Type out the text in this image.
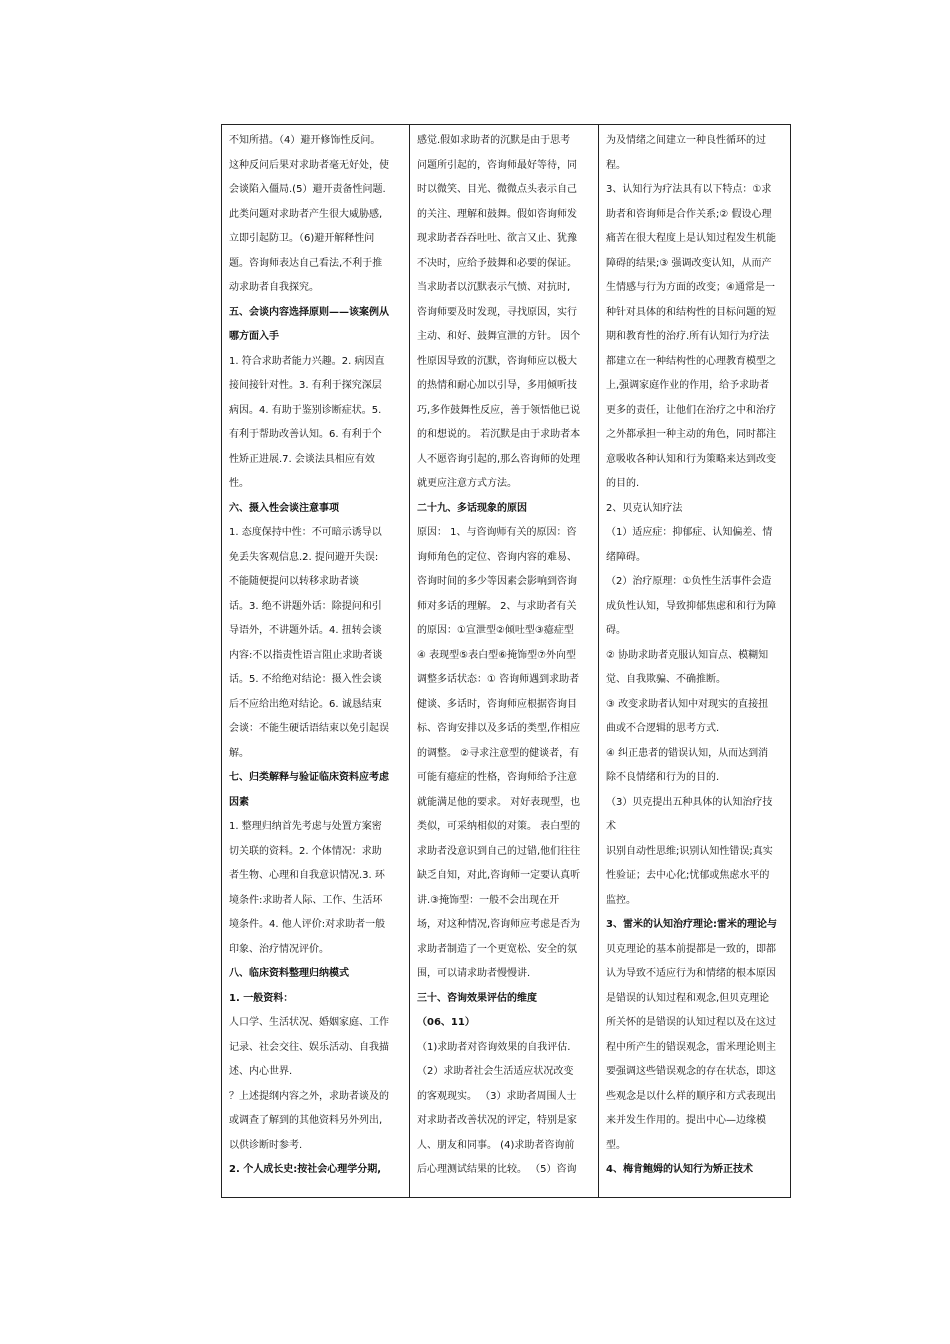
不知所措。（4）避开修饰性反问。
这种反问后果对求助者毫无好处，使
会谈陷入僵局.(5）避开责备性问题.
此类问题对求助者产生很大威胁感,
立即引起防卫。（6)避开解释性问
题。咨询师表达自己看法,不利于推
动求助者自我探究。
五、会谈内容选择原则——该案例从
哪方面入手
1. 符合求助者能力兴趣。2. 病因直
接间接针对性。3. 有利于探究深层
病因。4. 有助于鉴别诊断症状。5.
有利于帮助改善认知。6. 有利于个
性矫正进展.7. 会谈法具相应有效
性。
六、摄入性会谈注意事项
1. 态度保持中性：不可暗示诱导以
免丢失客观信息.2. 提问避开失误:
不能随便提问以转移求助者谈
话。3. 绝不讲题外话：除提问和引
导语外，不讲题外话。4. 扭转会谈
内容:不以指责性语言阻止求助者谈
话。5. 不给绝对结论：摄入性会谈
后不应给出绝对结论。6. 诚恳结束
会谈：不能生硬话语结束以免引起误
解。
七、归类解释与验证临床资料应考虑
因素
1. 整理归纳首先考虑与处置方案密
切关联的资料。2. 个体情况：求助
者生物、心理和自我意识情况.3. 环
境条件:求助者人际、工作、生活环
境条件。4. 他人评价:对求助者一般
印象、治疗情况评价。
八、临床资料整理归纳模式
1. 一般资料：
人口学、生活状况、婚姻家庭、工作
记录、社会交往、娱乐活动、自我描
述、内心世界.
？上述提纲内容之外，求助者谈及的
或调查了解到的其他资料另外列出,
以供诊断时参考.
2. 个人成长史:按社会心理学分期,
感觉.假如求助者的沉默是由于思考
问题所引起的，咨询师最好等待，同
时以微笑、目光、微微点头表示自己
的关注、理解和鼓舞。假如咨询师发
现求助者吞吞吐吐、欲言又止、犹豫
不决时，应给予鼓舞和必要的保证。
当求助者以沉默表示气愤、对抗时,
咨询师要及时发现，寻找原因，实行
主动、和好、鼓舞宣泄的方针。 因个
性原因导致的沉默，咨询师应以极大
的热情和耐心加以引导，多用倾听技
巧,多作鼓舞性反应，善于领悟他已说
的和想说的。 若沉默是由于求助者本
人不愿咨询引起的,那么咨询师的处理
就更应注意方式方法。
二十九、多话现象的原因
原因： 1、与咨询师有关的原因：咨
询师角色的定位、咨询内容的难易、
咨询时间的多少等因素会影响到咨询
师对多话的理解。 2、与求助者有关
的原因：①宣泄型②倾吐型③癔症型
④ 表现型⑤表白型⑥掩饰型⑦外向型
调整多话状态：① 咨询师遇到求助者
健谈、多话时，咨询师应根据咨询目
标、咨询安排以及多话的类型,作相应
的调整。 ②寻求注意型的健谈者，有
可能有癔症的性格，咨询师给予注意
就能满足他的要求。 对好表现型，也
类似，可采纳相似的对策。 表白型的
求助者没意识到自己的过错,他们往往
缺乏自知，对此,咨询师一定要认真听
讲.③掩饰型：一般不会出现在开
场，对这种情况,咨询师应考虑是否为
求助者制造了一个更宽松、安全的氛
围，可以请求助者慢慢讲.
三十、咨询效果评估的维度
（06、11）
（1)求助者对咨询效果的自我评估.
（2）求助者社会生活适应状况改变
的客观现实。 （3）求助者周围人士
对求助者改善状况的评定，特别是家
人、朋友和同事。 (4)求助者咨询前
后心理测试结果的比较。 （5）咨询
为及情绪之间建立一种良性循环的过
程。
3、认知行为疗法具有以下特点：①求
助者和咨询师是合作关系;② 假设心理
痛苦在很大程度上是认知过程发生机能
障碍的结果;③ 强调改变认知，从而产
生情感与行为方面的改变；④通常是一
种针对具体的和结构性的目标问题的短
期和教育性的治疗.所有认知行为疗法
都建立在一种结构性的心理教育模型之
上,强调家庭作业的作用，给予求助者
更多的责任，让他们在治疗之中和治疗
之外都承担一种主动的角色，同时都注
意吸收各种认知和行为策略来达到改变
的目的.
2、贝克认知疗法
（1）适应症：抑郁症、认知偏差、情
绪障碍。
（2）治疗原理：①负性生活事件会造
成负性认知，导致抑郁焦虑和和行为障
碍。
② 协助求助者克服认知盲点、模糊知
觉、自我欺骗、不确推断。
③ 改变求助者认知中对现实的直接扭
曲或不合逻辑的思考方式.
④ 纠正患者的错误认知，从而达到消
除不良情绪和行为的目的.
（3）贝克提出五种具体的认知治疗技
术
识别自动性思维;识别认知性错误;真实
性验证；去中心化;忧郁或焦虑水平的
监控。
3、雷米的认知治疗理论:雷米的理论与
贝克理论的基本前提都是一致的，即都
认为导致不适应行为和情绪的根本原因
是错误的认知过程和观念,但贝克理论
所关怀的是错误的认知过程以及在这过
程中所产生的错误观念，雷米理论则主
要强调这些错误观念的存在状态，即这
些观念是以什么样的顺序和方式表现出
来并发生作用的。提出中心—边缘模
型。
4、梅肯鲍姆的认知行为矫正技术
